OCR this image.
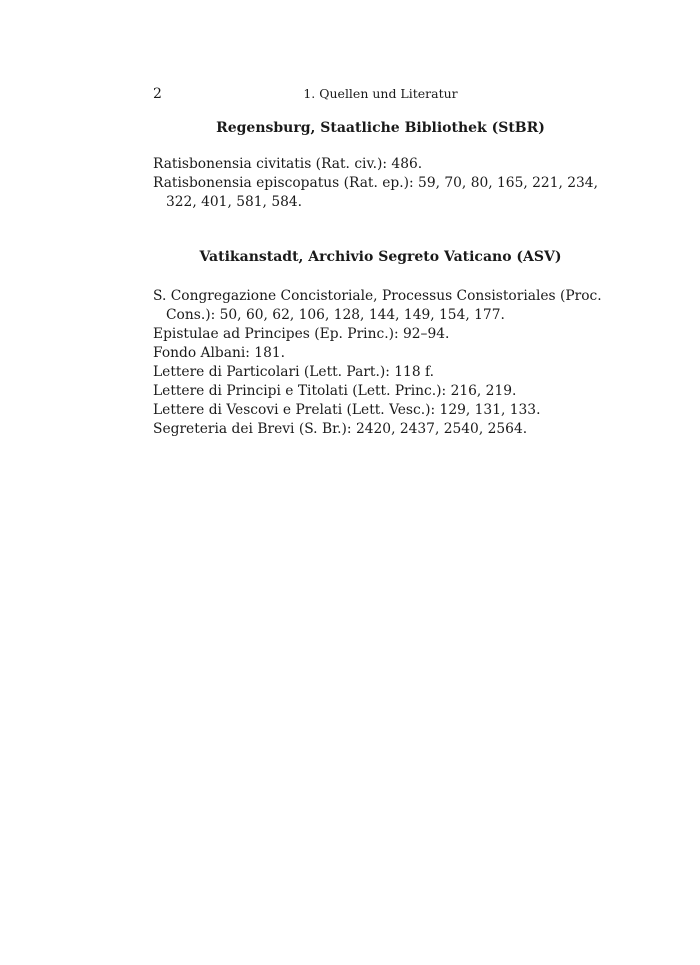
2	1. Quellen und Literatur
Regensburg, Staatliche Bibliothek (StBR)
Ratisbonensia civitatis (Rat. civ.): 486.
Ratisbonensia episcopatus (Rat. ep.): 59, 70, 80, 165, 221, 234, 322, 401, 581, 584.
Vatikanstadt, Archivio Segreto Vaticano (ASV)
S. Congregazione Concistoriale, Processus Consistoriales (Proc. Cons.): 50, 60, 62, 106, 128, 144, 149, 154, 177.
Epistulae ad Principes (Ep. Princ.): 92–94.
Fondo Albani: 181.
Lettere di Particolari (Lett. Part.): 118 f.
Lettere di Principi e Titolati (Lett. Princ.): 216, 219.
Lettere di Vescovi e Prelati (Lett. Vesc.): 129, 131, 133.
Segreteria dei Brevi (S. Br.): 2420, 2437, 2540, 2564.
